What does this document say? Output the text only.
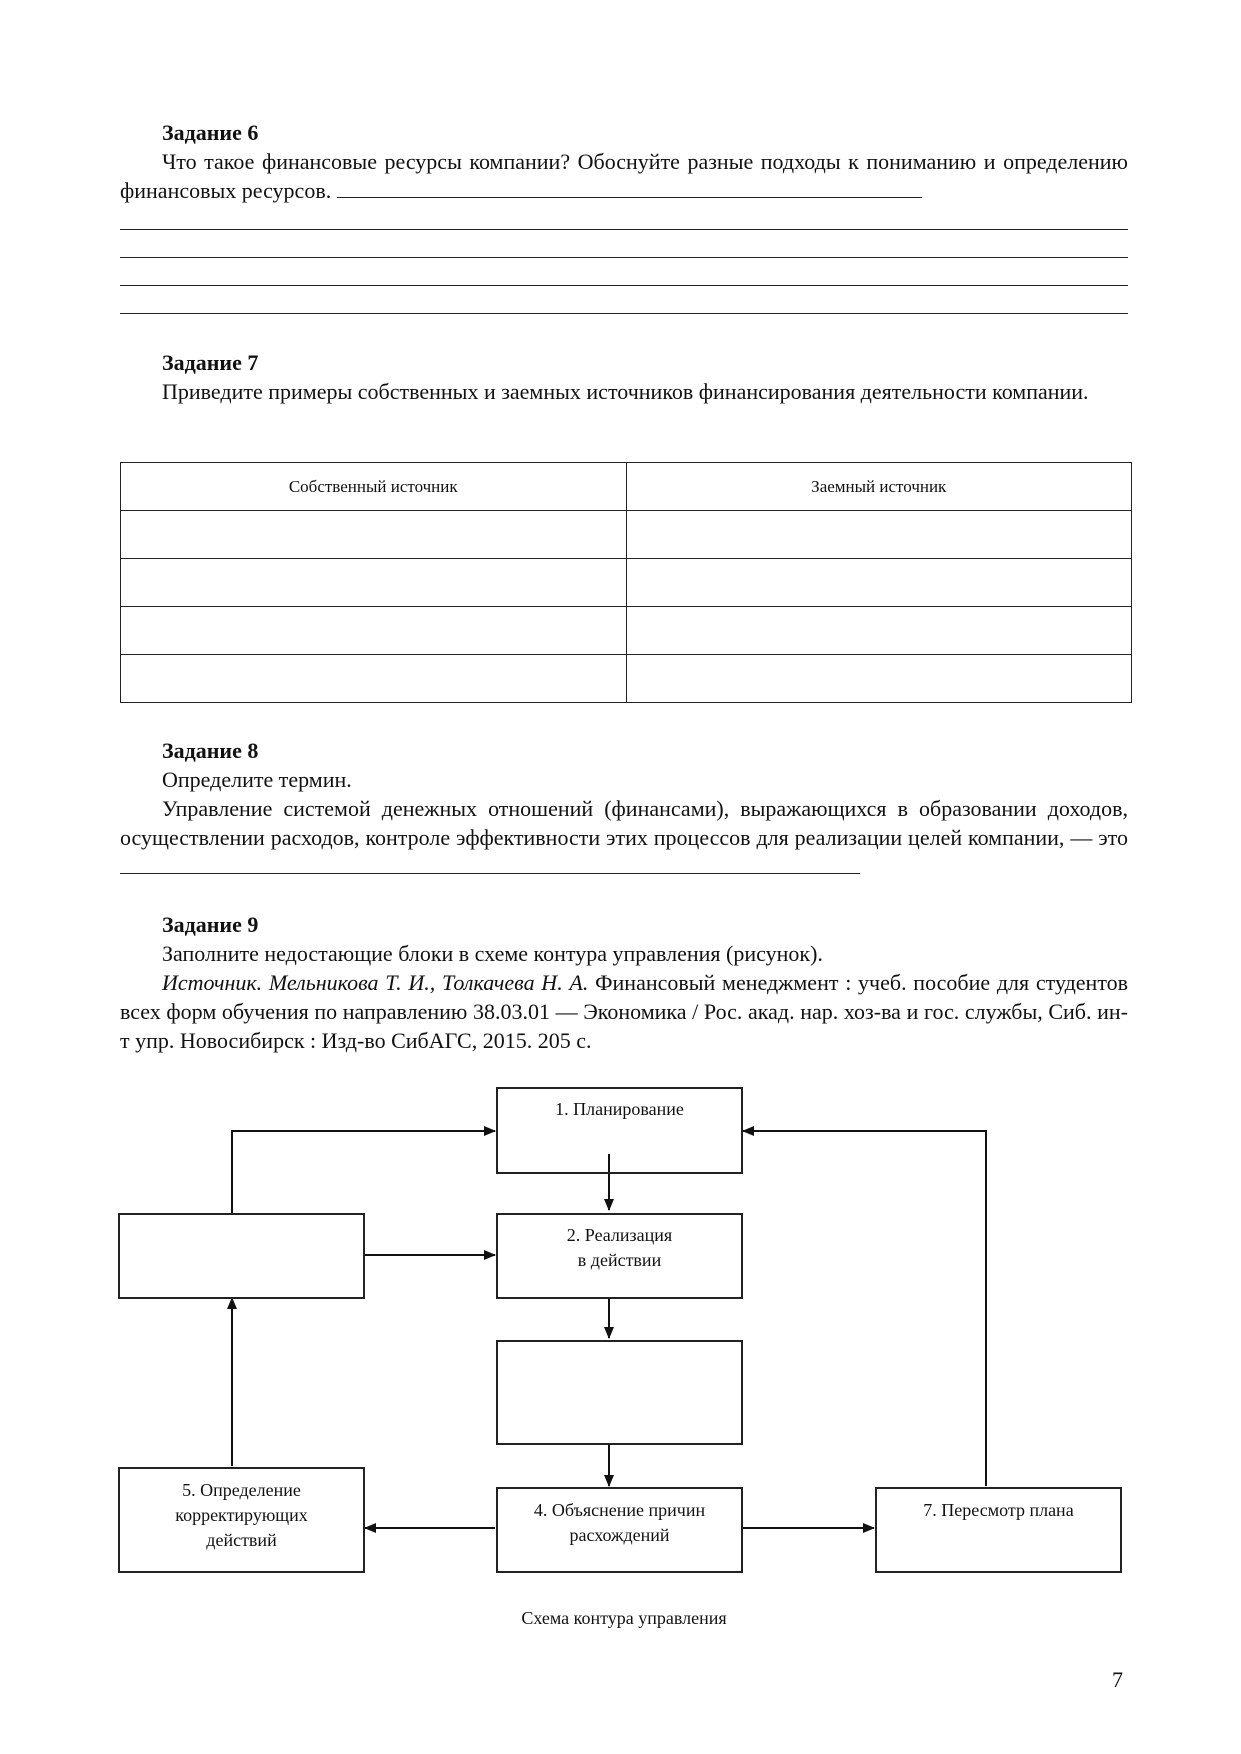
Задание 6
Что такое финансовые ресурсы компании? Обоснуйте разные подходы к пониманию и определению финансовых ресурсов.
Задание 7
Приведите примеры собственных и заемных источников финансирования деятельности компании.
Собственный источник	Заемный источник

Задание 8
Определите термин.
Управление системой денежных отношений (финансами), выражающихся в образовании доходов, осуществлении расходов, контроле эффективности этих процессов для реализации целей компании, — это
Задание 9
Заполните недостающие блоки в схеме контура управления (рисунок).
Источник. Мельникова Т. И., Толкачева Н. А. Финансовый менеджмент : учеб. пособие для студентов всех форм обучения по направлению 38.03.01 — Экономика / Рос. акад. нар. хоз-ва и гос. службы, Сиб. ин-т упр. Новосибирск : Изд-во СибАГС, 2015. 205 с.
1. Планирование
2. Реализация
в действии
4. Объяснение причин
расхождений
5. Определение
корректирующих
действий
7. Пересмотр плана
Схема контура управления
7
